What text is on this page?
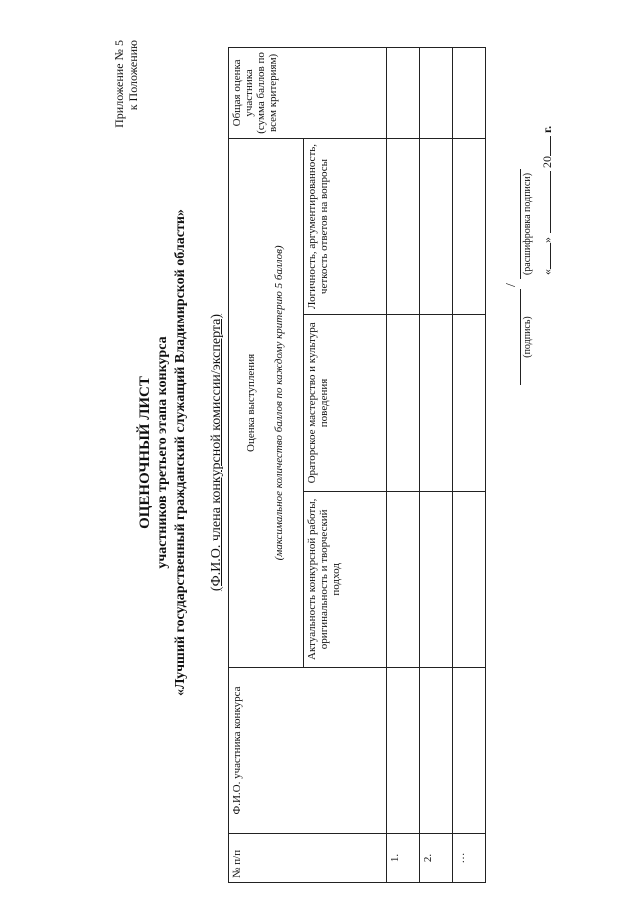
Приложение № 5 к Положению
ОЦЕНОЧНЫЙ ЛИСТ участников третьего этапа конкурса «Лучший государственный гражданский служащий Владимирской области» (Ф.И.О. члена конкурсной комиссии/эксперта)
№ п/п	Ф.И.О. участника конкурса	Оценка выступления (максимальное количество баллов по каждому критерию 5 баллов)			Общая оценка участника (сумма баллов по всем критериям)
		Актуальность конкурсной работы, оригинальность и творческий подход	Ораторское мастерство и культура поведения	Логичность, аргументированность, четкость ответов на вопросы	
1.					
2.					
…					
/
(подпись)
(расшифровка подписи) «» 20 г.
